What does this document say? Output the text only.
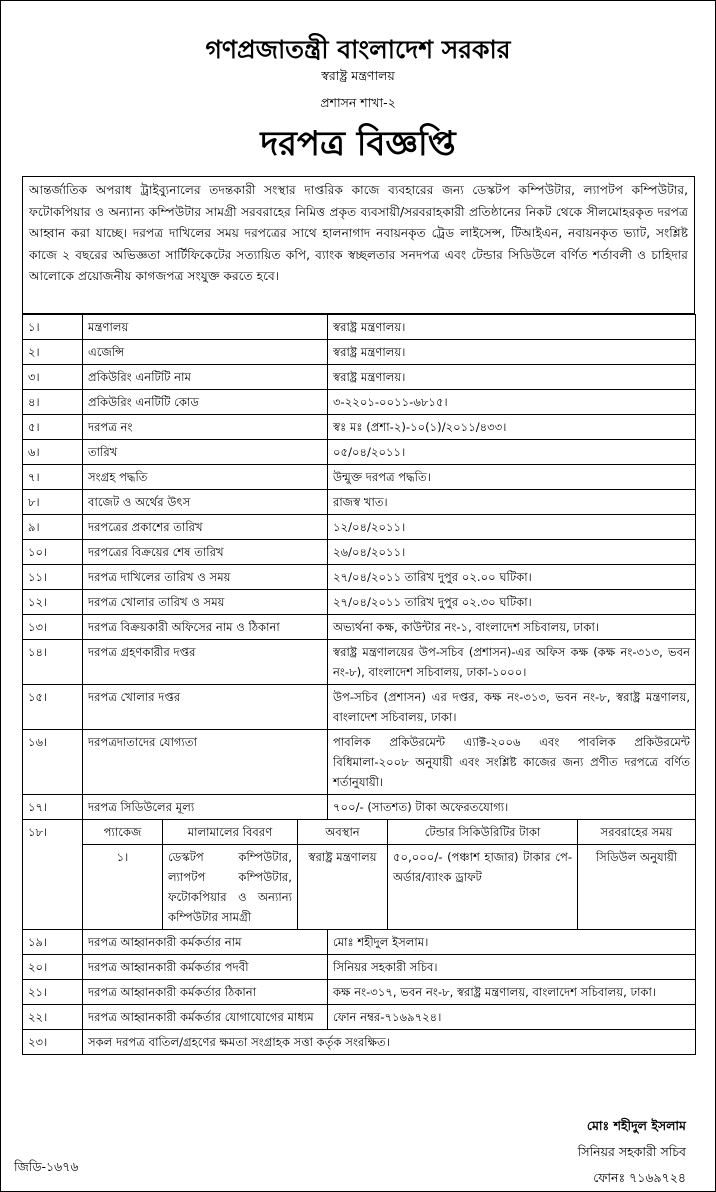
গণপ্রজাতন্ত্রী বাংলাদেশ সরকার
স্বরাষ্ট্র মন্ত্রণালয়
প্রশাসন শাখা-২
দরপত্র বিজ্ঞপ্তি
আন্তর্জাতিক অপরাধ ট্রাইব্যুনালের তদন্তকারী সংস্থার দাপ্তরিক কাজে ব্যবহারের জন্য ডেস্কটপ কম্পিউটার, ল্যাপটপ কম্পিউটার, ফটোকপিয়ার ও অন্যান্য কম্পিউটার সামগ্রী সরবরাহের নিমিত্ত প্রকৃত ব্যবসায়ী/সরবরাহকারী প্রতিষ্ঠানের নিকট থেকে সীলমোহরকৃত দরপত্র আহ্বান করা যাচ্ছে। দরপত্র দাখিলের সময় দরপত্রের সাথে হালনাগাদ নবায়নকৃত ট্রেড লাইসেন্স, টিআইএন, নবায়নকৃত ভ্যাট, সংশ্লিষ্ট কাজে ২ বছরের অভিজ্ঞতা সার্টিফিকেটের সত্যায়িত কপি, ব্যাংক স্বচ্ছলতার সনদপত্র এবং টেন্ডার সিডিউলে বর্ণিত শর্তাবলী ও চাহিদার আলোকে প্রয়োজনীয় কাগজপত্র সংযুক্ত করতে হবে।
১।	মন্ত্রণালয়			স্বরাষ্ট্র মন্ত্রণালয়।		
২।	এজেন্সি			স্বরাষ্ট্র মন্ত্রণালয়।		
৩।	প্রকিউরিং এনটিটি নাম			স্বরাষ্ট্র মন্ত্রণালয়।		
৪।	প্রকিউরিং এনটিটি কোড			৩-২২০১-০০১১-৬৮১৫।		
৫।	দরপত্র নং			স্বঃ মঃ (প্রশা-২)-১০(১)/২০১১/৪৩৩।		
৬।	তারিখ			০৫/০৪/২০১১।		
৭।	সংগ্রহ পদ্ধতি			উন্মুক্ত দরপত্র পদ্ধতি।		
৮।	বাজেট ও অর্থের উৎস			রাজস্ব খাত।		
৯।	দরপত্রের প্রকাশের তারিখ			১২/০৪/২০১১।		
১০।	দরপত্রের বিক্রয়ের শেষ তারিখ			২৬/০৪/২০১১।		
১১।	দরপত্র দাখিলের তারিখ ও সময়			২৭/০৪/২০১১ তারিখ দুপুর ০২.০০ ঘটিকা।		
১২।	দরপত্র খোলার তারিখ ও সময়			২৭/০৪/২০১১ তারিখ দুপুর ০২.৩০ ঘটিকা।		
১৩।	দরপত্র বিক্রয়কারী অফিসের নাম ও ঠিকানা			অভ্যর্থনা কক্ষ, কাউন্টার নং-১, বাংলাদেশ সচিবালয়, ঢাকা।		
১৪।	দরপত্র গ্রহণকারীর দপ্তর			স্বরাষ্ট্র মন্ত্রণালয়ের উপ-সচিব (প্রশাসন)-এর অফিস কক্ষ (কক্ষ নং-৩১৩, ভবন নং-৮), বাংলাদেশ সচিবালয়, ঢাকা-১০০০।		
১৫।	দরপত্র খোলার দপ্তর			উপ-সচিব (প্রশাসন) এর দপ্তর, কক্ষ নং-৩১৩, ভবন নং-৮, স্বরাষ্ট্র মন্ত্রণালয়, বাংলাদেশ সচিবালয়, ঢাকা।		
১৬।	দরপত্রদাতাদের যোগ্যতা			পাবলিক প্রকিউরমেন্ট এ্যাক্ট-২০০৬ এবং পাবলিক প্রকিউরমেন্ট বিধিমালা-২০০৮ অনুযায়ী এবং সংশ্লিষ্ট কাজের জন্য প্রণীত দরপত্রে বর্ণিত শর্তানুযায়ী।		
১৭।	দরপত্র সিডিউলের মূল্য			৭০০/- (সাতশত) টাকা অফেরতযোগ্য।		
১৮।	প্যাকেজ	মালামালের বিবরণ	অবস্থান		টেন্ডার সিকিউরিটির টাকা	সরবরাহের সময়
	১।	ডেস্কটপ কম্পিউটার, ল্যাপটপ কম্পিউটার, ফটোকপিয়ার ও অন্যান্য কম্পিউটার সামগ্রী	স্বরাষ্ট্র মন্ত্রণালয়		৫০,০০০/- (পঞ্চাশ হাজার) টাকার পে-অর্ডার/ব্যাংক ড্রাফট	সিডিউল অনুযায়ী
১৯।	দরপত্র আহ্বানকারী কর্মকর্তার নাম			মোঃ শহীদুল ইসলাম।		
২০।	দরপত্র আহ্বানকারী কর্মকর্তার পদবী			সিনিয়র সহকারী সচিব।		
২১।	দরপত্র আহ্বানকারী কর্মকর্তার ঠিকানা			কক্ষ নং-৩১৭, ভবন নং-৮, স্বরাষ্ট্র মন্ত্রণালয়, বাংলাদেশ সচিবালয়, ঢাকা।		
২২।	দরপত্র আহ্বানকারী কর্মকর্তার যোগাযোগের মাধ্যম			ফোন নম্বর-৭১৬৯৭২৪।		
২৩।	সকল দরপত্র বাতিল/গ্রহণের ক্ষমতা সংগ্রাহক সত্তা কর্তৃক সংরক্ষিত।					
মোঃ শহীদুল ইসলাম
সিনিয়র সহকারী সচিব
ফোনঃ ৭১৬৯৭২৪
জিডি-১৬৭৬
